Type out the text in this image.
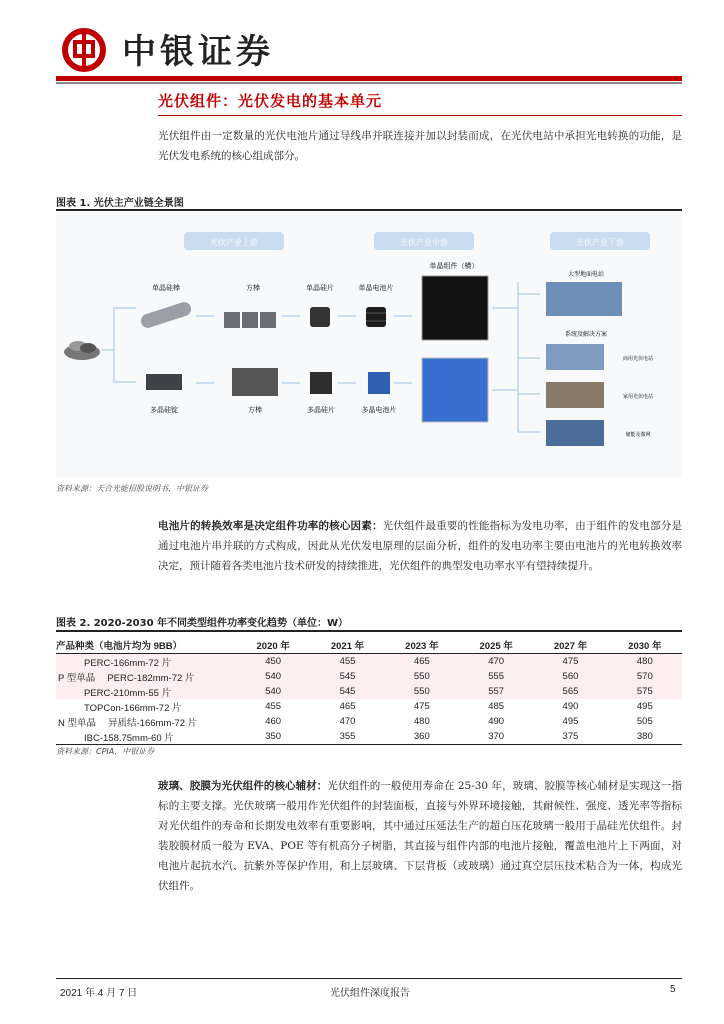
中银证券
光伏组件：光伏发电的基本单元
光伏组件由一定数量的光伏电池片通过导线串并联连接并加以封装而成，在光伏电站中承担光电转换的功能，是光伏发电系统的核心组成部分。
图表 1. 光伏主产业链全景图
光伏产业上游	光伏产业中游	光伏产业下游
单晶硅棒	方棒	单晶硅片	单晶电池片
单晶组件（横）
多晶硅锭	方棒	多晶硅片	多晶电池片
大型地面电站
系统及解决方案
商用光伏电站
家用光伏电站
储能及微网
资料来源：天合光能招股说明书，中银证券
电池片的转换效率是决定组件功率的核心因素：光伏组件最重要的性能指标为发电功率，由于组件的发电部分是通过电池片串并联的方式构成，因此从光伏发电原理的层面分析，组件的发电功率主要由电池片的光电转换效率决定，预计随着各类电池片技术研发的持续推进，光伏组件的典型发电功率水平有望持续提升。
图表 2. 2020-2030 年不同类型组件功率变化趋势（单位：W）
产品种类（电池片均为 9BB）	2020 年	2021 年	2023 年	2025 年	2027 年	2030 年
PERC-166mm-72 片	450	455	465	470	475	480
P 型单晶 PERC-182mm-72 片	540	545	550	555	560	570
PERC-210mm-55 片	540	545	550	557	565	575
TOPCon-166mm-72 片	455	465	475	485	490	495
N 型单晶 异质结-166mm-72 片	460	470	480	490	495	505
IBC-158.75mm-60 片	350	355	360	370	375	380
资料来源：CPIA，中银证券
玻璃、胶膜为光伏组件的核心辅材：光伏组件的一般使用寿命在 25-30 年，玻璃、胶膜等核心辅材是实现这一指标的主要支撑。光伏玻璃一般用作光伏组件的封装面板，直接与外界环境接触，其耐候性、强度、透光率等指标对光伏组件的寿命和长期发电效率有重要影响，其中通过压延法生产的超白压花玻璃一般用于晶硅光伏组件。封装胶膜材质一般为 EVA、POE 等有机高分子树脂，其直接与组件内部的电池片接触，覆盖电池片上下两面，对电池片起抗水汽、抗紫外等保护作用，和上层玻璃、下层背板（或玻璃）通过真空层压技术粘合为一体，构成光伏组件。
2021 年 4 月 7 日	光伏组件深度报告	5
